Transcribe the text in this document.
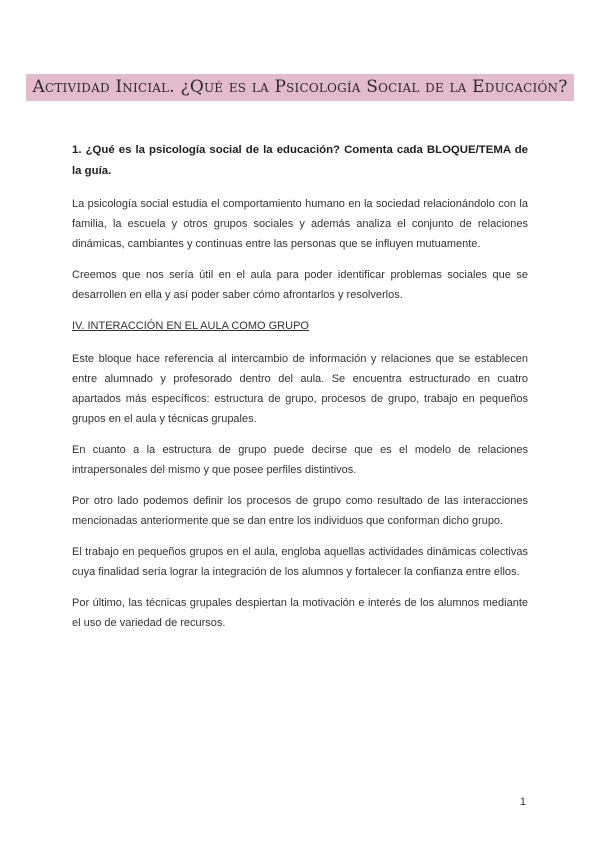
Actividad Inicial. ¿Qué es la Psicología Social de la Educación?
1. ¿Qué es la psicología social de la educación? Comenta cada BLOQUE/TEMA de la guía.

La psicología social estudia el comportamiento humano en la sociedad relacionándolo con la familia, la escuela y otros grupos sociales y además analiza el conjunto de relaciones dinámicas, cambiantes y continuas entre las personas que se influyen mutuamente.

Creemos que nos sería útil en el aula para poder identificar problemas sociales que se desarrollen en ella y así poder saber cómo afrontarlos y resolverlos.

IV. INTERACCIÓN EN EL AULA COMO GRUPO

Este bloque hace referencia al intercambio de información y relaciones que se establecen entre alumnado y profesorado dentro del aula. Se encuentra estructurado en cuatro apartados más específicos: estructura de grupo, procesos de grupo, trabajo en pequeños grupos en el aula y técnicas grupales.

En cuanto a la estructura de grupo puede decirse que es el modelo de relaciones intrapersonales del mismo y que posee perfiles distintivos.

Por otro lado podemos definir los procesos de grupo como resultado de las interacciones mencionadas anteriormente que se dan entre los individuos que conforman dicho grupo.

El trabajo en pequeños grupos en el aula, engloba aquellas actividades dinámicas colectivas cuya finalidad sería lograr la integración de los alumnos y fortalecer la confianza entre ellos.

Por último, las técnicas grupales despiertan la motivación e interés de los alumnos mediante el uso de variedad de recursos.

1
